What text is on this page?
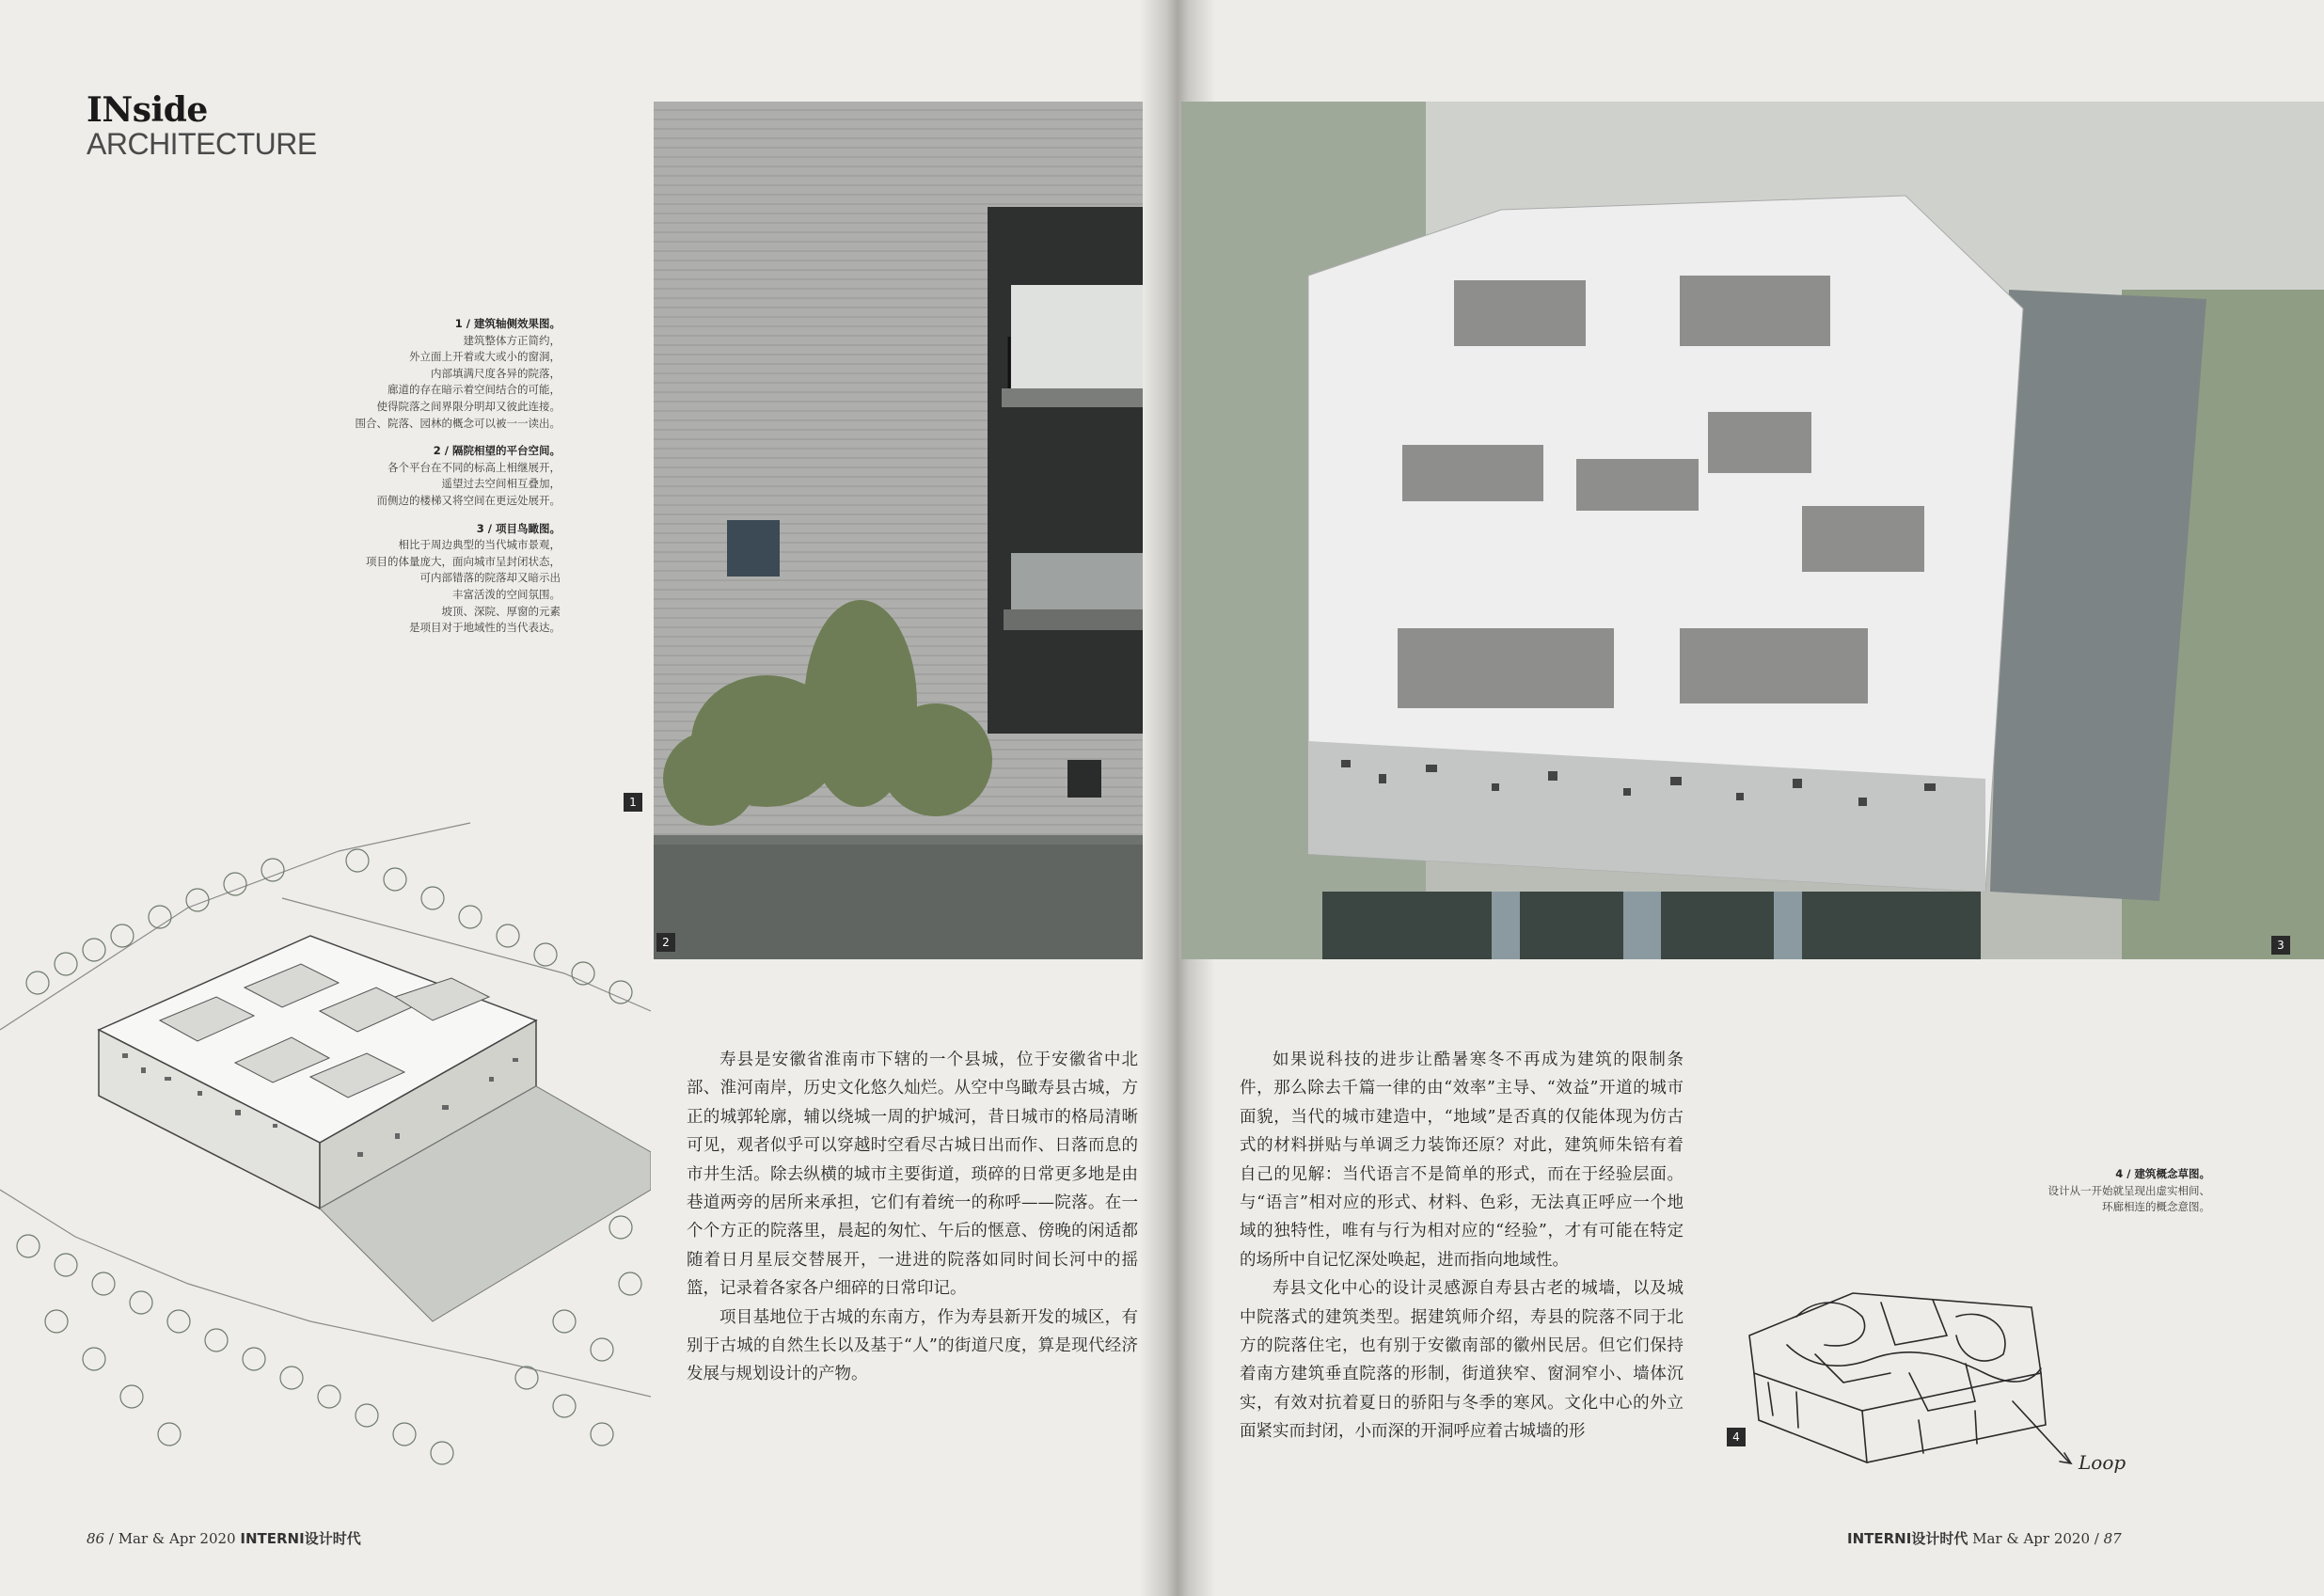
INside
ARCHITECTURE
1 / 建筑轴侧效果图。
建筑整体方正简约，
外立面上开着或大或小的窗洞，
内部填满尺度各异的院落，
廊道的存在暗示着空间结合的可能，
使得院落之间界限分明却又彼此连接。
围合、院落、园林的概念可以被一一读出。
2 / 隔院相望的平台空间。
各个平台在不同的标高上相继展开，
遥望过去空间相互叠加，
而侧边的楼梯又将空间在更远处展开。
3 / 项目鸟瞰图。
相比于周边典型的当代城市景观，
项目的体量庞大，面向城市呈封闭状态，
可内部错落的院落却又暗示出
丰富活泼的空间氛围。
坡顶、深院、厚窗的元素
是项目对于地域性的当代表达。
1
2	3

寿县是安徽省淮南市下辖的一个县城，位于安徽省中北部、淮河南岸，历史文化悠久灿烂。从空中鸟瞰寿县古城，方正的城郭轮廓，辅以绕城一周的护城河，昔日城市的格局清晰可见，观者似乎可以穿越时空看尽古城日出而作、日落而息的市井生活。除去纵横的城市主要街道，琐碎的日常更多地是由巷道两旁的居所来承担，它们有着统一的称呼——院落。在一个个方正的院落里，晨起的匆忙、午后的惬意、傍晚的闲适都随着日月星辰交替展开，一进进的院落如同时间长河中的摇篮，记录着各家各户细碎的日常印记。

项目基地位于古城的东南方，作为寿县新开发的城区，有别于古城的自然生长以及基于“人”的街道尺度，算是现代经济发展与规划设计的产物。

如果说科技的进步让酷暑寒冬不再成为建筑的限制条件，那么除去千篇一律的由“效率”主导、“效益”开道的城市面貌，当代的城市建造中，“地域”是否真的仅能体现为仿古式的材料拼贴与单调乏力装饰还原？对此，建筑师朱锫有着自己的见解：当代语言不是简单的形式，而在于经验层面。与“语言”相对应的形式、材料、色彩，无法真正呼应一个地域的独特性，唯有与行为相对应的“经验”，才有可能在特定的场所中自记忆深处唤起，进而指向地域性。

寿县文化中心的设计灵感源自寿县古老的城墙，以及城中院落式的建筑类型。据建筑师介绍，寿县的院落不同于北方的院落住宅，也有别于安徽南部的徽州民居。但它们保持着南方建筑垂直院落的形制，街道狭窄、窗洞窄小、墙体沉实，有效对抗着夏日的骄阳与冬季的寒风。文化中心的外立面紧实而封闭，小而深的开洞呼应着古城墙的形

4 / 建筑概念草图。
设计从一开始就呈现出虚实相间、
环廊相连的概念意图。
Loop
4
86 / Mar & Apr 2020 INTERNI设计时代	INTERNI设计时代 Mar & Apr 2020 / 87
